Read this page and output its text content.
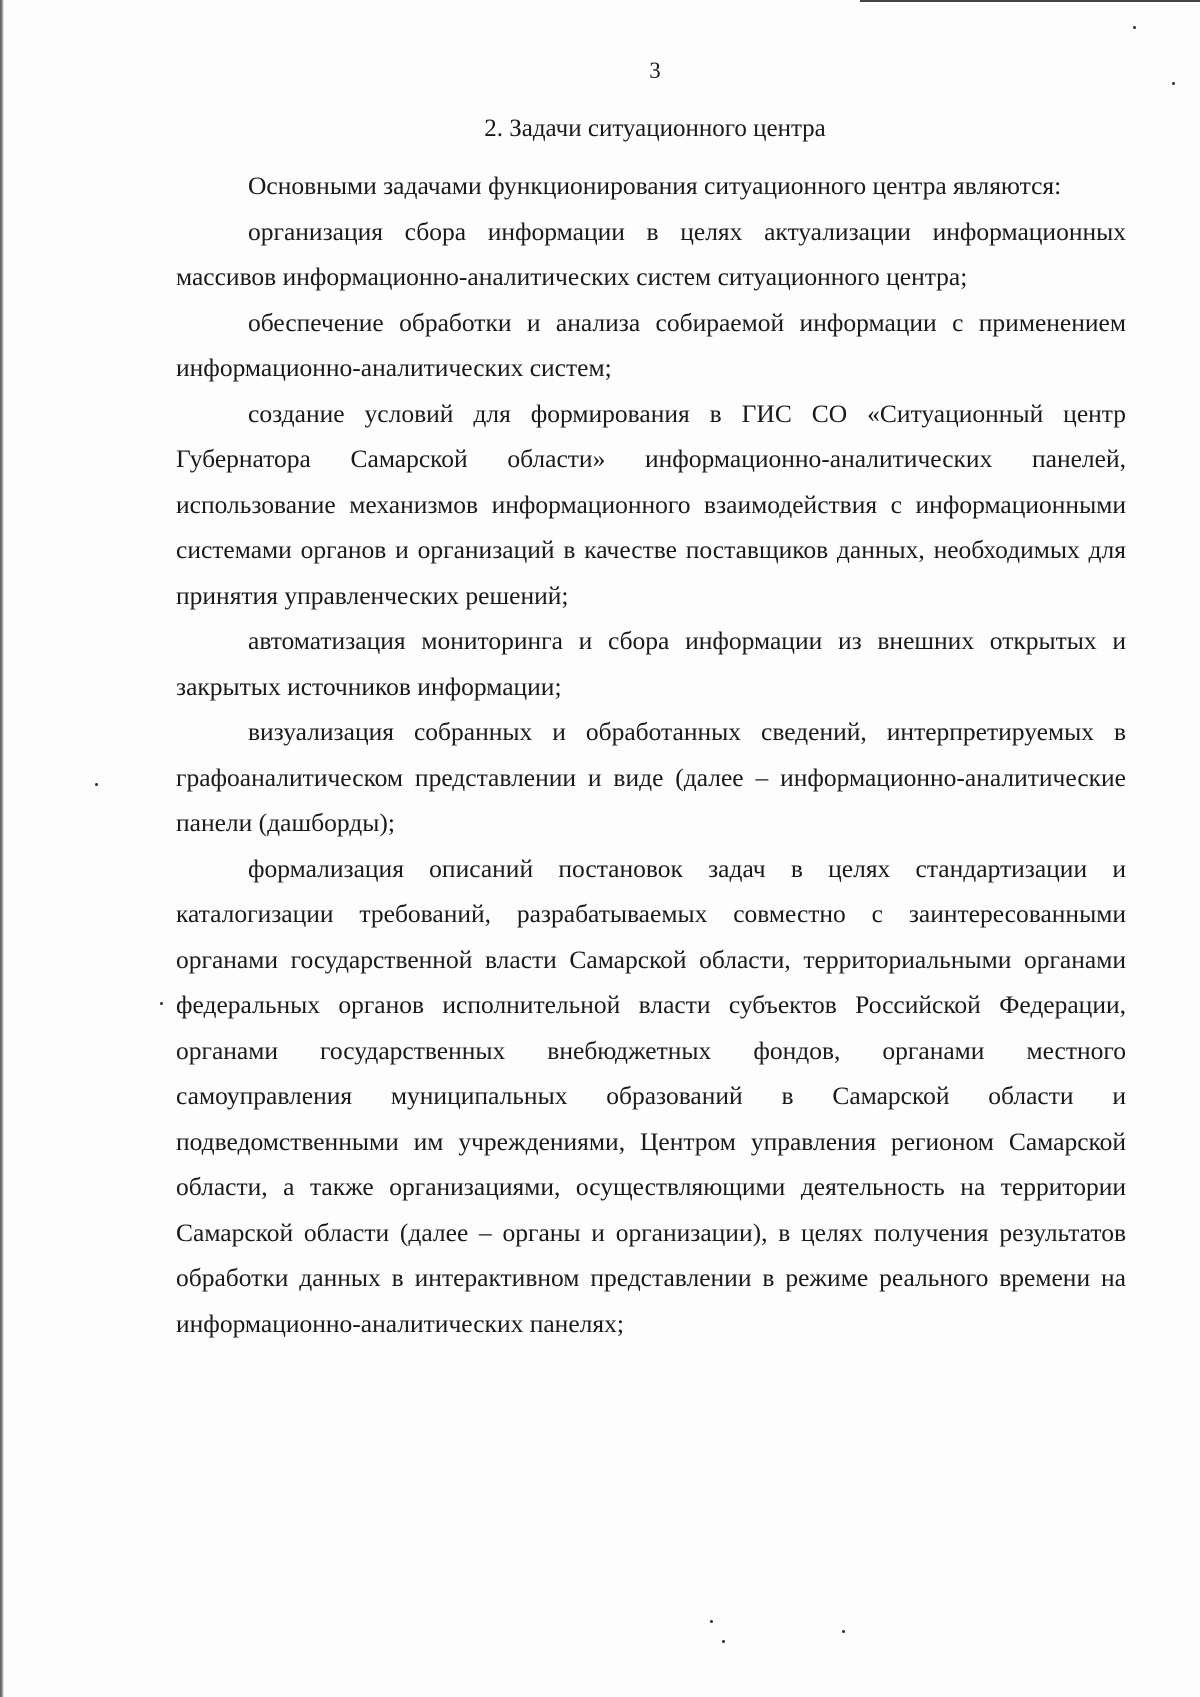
3
2. Задачи ситуационного центра

Основными задачами функционирования ситуационного центра являются:

организация сбора информации в целях актуализации информационных массивов информационно-аналитических систем ситуационного центра;

обеспечение обработки и анализа собираемой информации с применением информационно-аналитических систем;

создание условий для формирования в ГИС СО «Ситуационный центр Губернатора Самарской области» информационно-аналитических панелей, использование механизмов информационного взаимодействия с информационными системами органов и организаций в качестве поставщиков данных, необходимых для принятия управленческих решений;

автоматизация мониторинга и сбора информации из внешних открытых и закрытых источников информации;

визуализация собранных и обработанных сведений, интерпретируемых в графоаналитическом представлении и виде (далее – информационно-аналитические панели (дашборды);

формализация описаний постановок задач в целях стандартизации и каталогизации требований, разрабатываемых совместно с заинтересованными органами государственной власти Самарской области, территориальными органами федеральных органов исполнительной власти субъектов Российской Федерации, органами государственных внебюджетных фондов, органами местного самоуправления муниципальных образований в Самарской области и подведомственными им учреждениями, Центром управления регионом Самарской области, а также организациями, осуществляющими деятельность на территории Самарской области (далее – органы и организации), в целях получения результатов обработки данных в интерактивном представлении в режиме реального времени на информационно-аналитических панелях;
